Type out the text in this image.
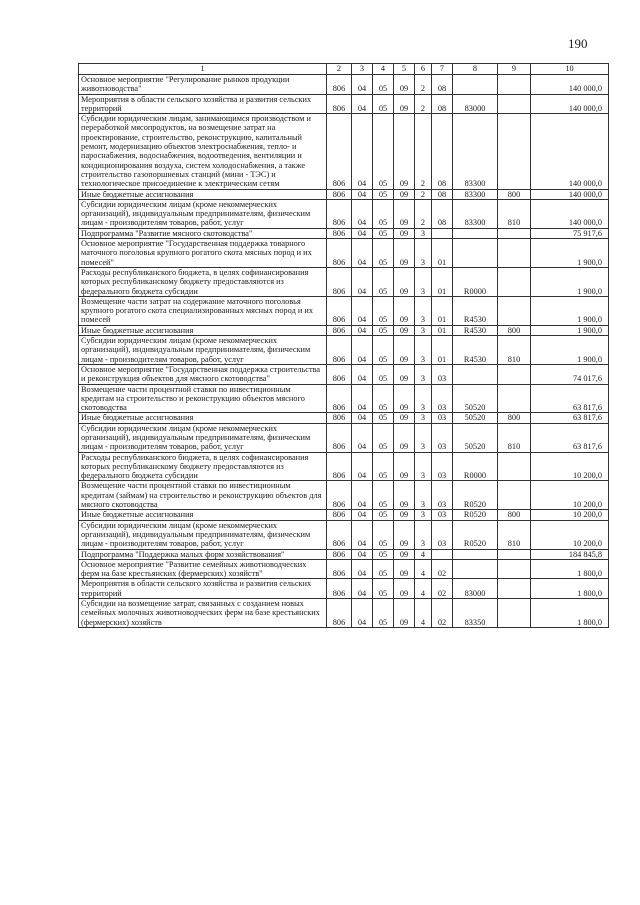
190
1	2	3	4	5	6	7	8	9	10
Основное мероприятие "Регулирование рынков продукции животноводства"	806	04	05	09	2	08			140 000,0
Мероприятия в области сельского хозяйства и развития сельских территорий	806	04	05	09	2	08	83000		140 000,0
Субсидии юридическим лицам, занимающимся производством и переработкой мясопродуктов, на возмещение затрат на проектирование, строительство, реконструкцию, капитальный ремонт, модернизацию объектов электроснабжения, тепло- и пароснабжения, водоснабжения, водоотведения, вентиляции и кондиционирования воздуха, систем холодоснабжения, а также строительство газопоршневых станций (мини - ТЭС) и технологическое присоединение к электрическим сетям	806	04	05	09	2	08	83300		140 000,0
Иные бюджетные ассигнования	806	04	05	09	2	08	83300	800	140 000,0
Субсидии юридическим лицам (кроме некоммерческих организаций), индивидуальным предпринимателям, физическим лицам - производителям товаров, работ, услуг	806	04	05	09	2	08	83300	810	140 000,0
Подпрограмма "Развитие мясного скотоводства"	806	04	05	09	3				75 917,6
Основное мероприятие "Государственная поддержка товарного маточного поголовья крупного рогатого скота мясных пород и их помесей"	806	04	05	09	3	01			1 900,0
Расходы республиканского бюджета, в целях софинансирования которых республиканскому бюджету предоставляются из федерального бюджета субсидии	806	04	05	09	3	01	R0000		1 900,0
Возмещение части затрат на содержание маточного поголовья крупного рогатого скота специализированных мясных пород и их помесей	806	04	05	09	3	01	R4530		1 900,0
Иные бюджетные ассигнования	806	04	05	09	3	01	R4530	800	1 900,0
Субсидии юридическим лицам (кроме некоммерческих организаций), индивидуальным предпринимателям, физическим лицам - производителям товаров, работ, услуг	806	04	05	09	3	01	R4530	810	1 900,0
Основное мероприятие "Государственная поддержка строительства и реконструкция объектов для мясного скотоводства"	806	04	05	09	3	03			74 017,6
Возмещение части процентной ставки по инвестиционным кредитам на строительство и реконструкцию объектов мясного скотоводства	806	04	05	09	3	03	50520		63 817,6
Иные бюджетные ассигнования	806	04	05	09	3	03	50520	800	63 817,6
Субсидии юридическим лицам (кроме некоммерческих организаций), индивидуальным предпринимателям, физическим лицам - производителям товаров, работ, услуг	806	04	05	09	3	03	50520	810	63 817,6
Расходы республиканского бюджета, в целях софинансирования которых республиканскому бюджету предоставляются из федерального бюджета субсидии	806	04	05	09	3	03	R0000		10 200,0
Возмещение части процентной ставки по инвестиционным кредитам (займам) на строительство и реконструкцию объектов для мясного скотоводства	806	04	05	09	3	03	R0520		10 200,0
Иные бюджетные ассигнования	806	04	05	09	3	03	R0520	800	10 200,0
Субсидии юридическим лицам (кроме некоммерческих организаций), индивидуальным предпринимателям, физическим лицам - производителям товаров, работ, услуг	806	04	05	09	3	03	R0520	810	10 200,0
Подпрограмма "Поддержка малых форм хозяйствования"	806	04	05	09	4				184 845,8
Основное мероприятие "Развитие семейных животноводческих ферм на базе крестьянских (фермерских) хозяйств"	806	04	05	09	4	02			1 800,0
Мероприятия в области сельского хозяйства и развития сельских территорий	806	04	05	09	4	02	83000		1 800,0
Субсидии на возмещение затрат, связанных с созданием новых семейных молочных животноводческих ферм на базе крестьянских (фермерских) хозяйств	806	04	05	09	4	02	83350		1 800,0
